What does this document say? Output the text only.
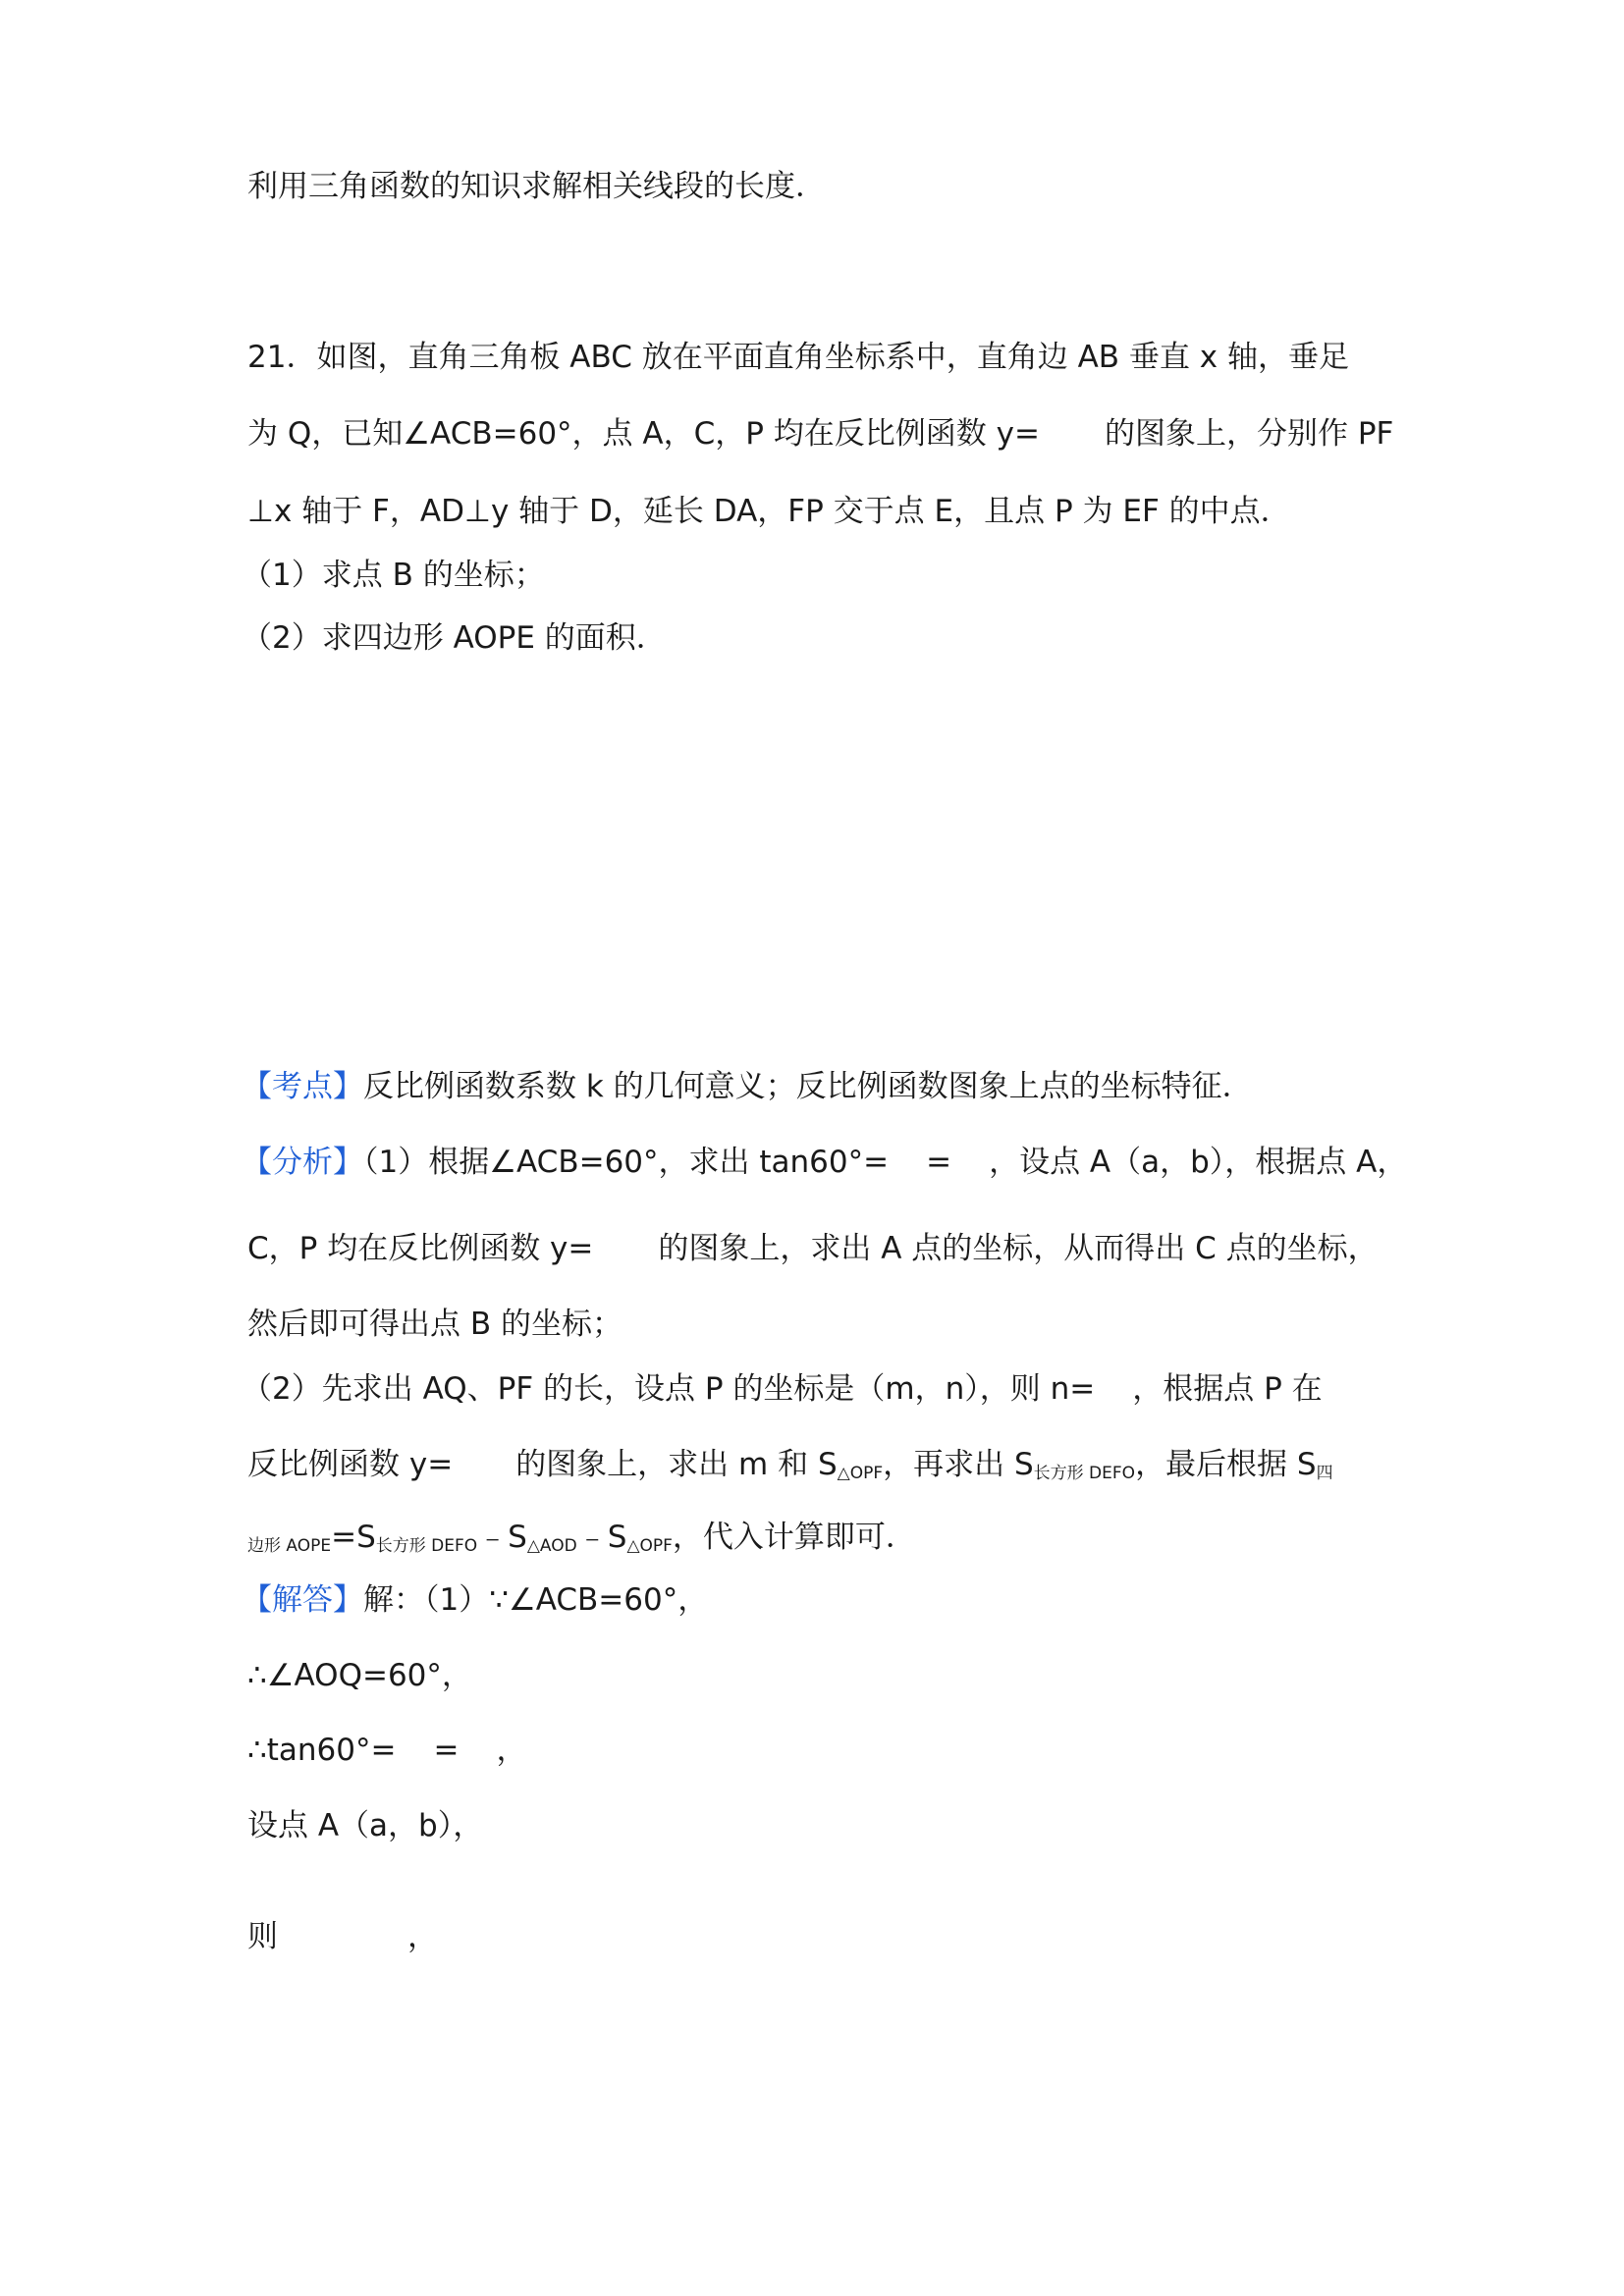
利用三角函数的知识求解相关线段的长度．
21．如图，直角三角板 ABC 放在平面直角坐标系中，直角边 AB 垂直 x 轴，垂足
为 Q，已知∠ACB=60°，点 A，C，P 均在反比例函数 y= 的图象上，分别作 PF
⊥x 轴于 F，AD⊥y 轴于 D，延长 DA，FP 交于点 E，且点 P 为 EF 的中点．
（1）求点 B 的坐标；
（2）求四边形 AOPE 的面积．
【考点】反比例函数系数 k 的几何意义；反比例函数图象上点的坐标特征．
【分析】（1）根据∠ACB=60°，求出 tan60°= = ，设点 A（a，b），根据点 A，
C，P 均在反比例函数 y= 的图象上，求出 A 点的坐标，从而得出 C 点的坐标，
然后即可得出点 B 的坐标；
（2）先求出 AQ、PF 的长，设点 P 的坐标是（m，n），则 n= ，根据点 P 在
反比例函数 y= 的图象上，求出 m 和 S△OPF，再求出 S长方形 DEFO，最后根据 S四
边形 AOPE=S长方形 DEFO﹣S△AOD﹣S△OPF，代入计算即可．
【解答】解：（1）∵∠ACB=60°，
∴∠AOQ=60°，
∴tan60°= = ，
设点 A（a，b），
则	，
